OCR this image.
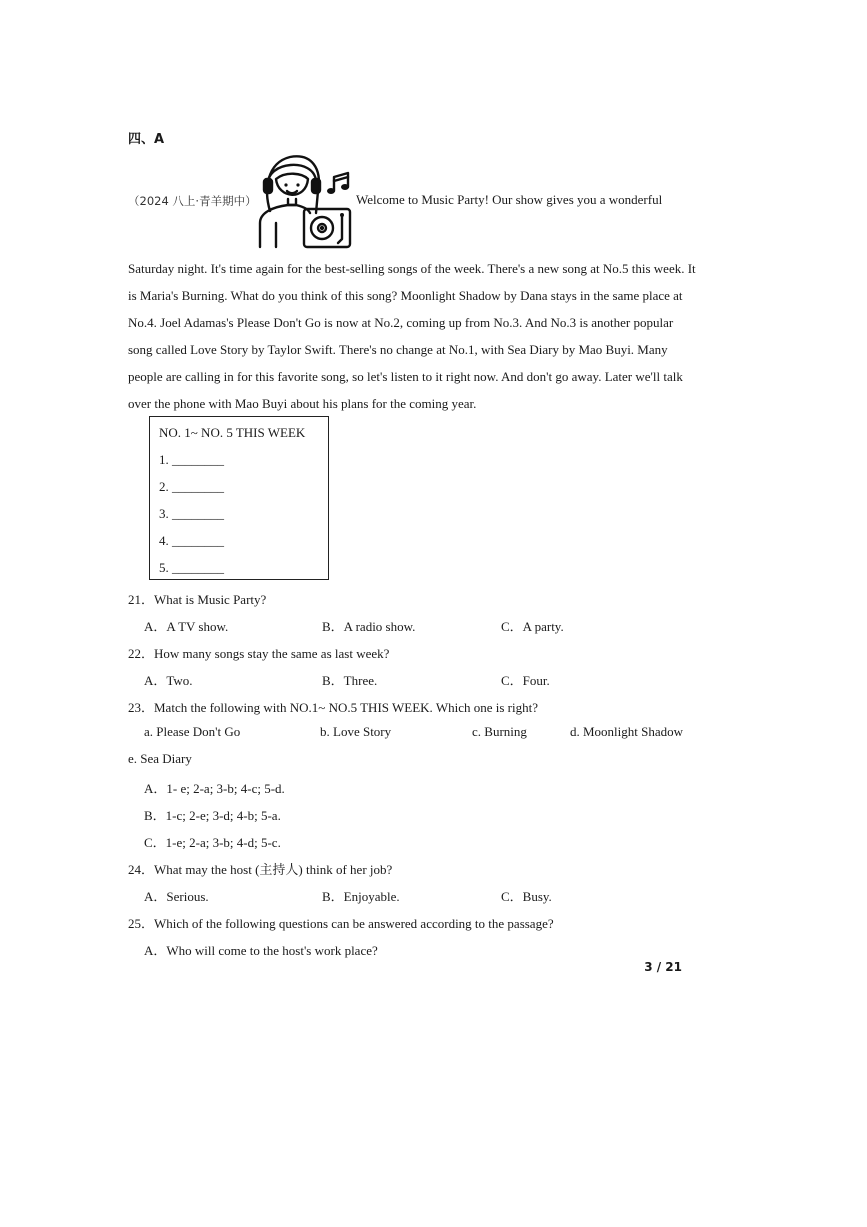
四、A
（2024 八上·青羊期中）	Welcome to Music Party! Our show gives you a wonderful
Saturday night. It's time again for the best-selling songs of the week. There's a new song at No.5 this week. It
is Maria's Burning. What do you think of this song? Moonlight Shadow by Dana stays in the same place at
No.4. Joel Adamas's Please Don't Go is now at No.2, coming up from No.3. And No.3 is another popular
song called Love Story by Taylor Swift. There's no change at No.1, with Sea Diary by Mao Buyi. Many
people are calling in for this favorite song, so let's listen to it right now. And don't go away. Later we'll talk
over the phone with Mao Buyi about his plans for the coming year.
NO. 1~ NO. 5 THIS WEEK
1. ________
2. ________
3. ________
4. ________
5. ________
21．What is Music Party?
A．A TV show.	B．A radio show.	C．A party.
22．How many songs stay the same as last week?
A．Two.	B．Three.	C．Four.
23．Match the following with NO.1~ NO.5 THIS WEEK. Which one is right?
a. Please Don't Go	b. Love Story	c. Burning	d. Moonlight Shadow
e. Sea Diary
A．1- e; 2-a; 3-b; 4-c; 5-d.
B．1-c; 2-e; 3-d; 4-b; 5-a.
C．1-e; 2-a; 3-b; 4-d; 5-c.
24．What may the host (主持人) think of her job?
A．Serious.	B．Enjoyable.	C．Busy.
25．Which of the following questions can be answered according to the passage?
A．Who will come to the host's work place?
3 / 21
